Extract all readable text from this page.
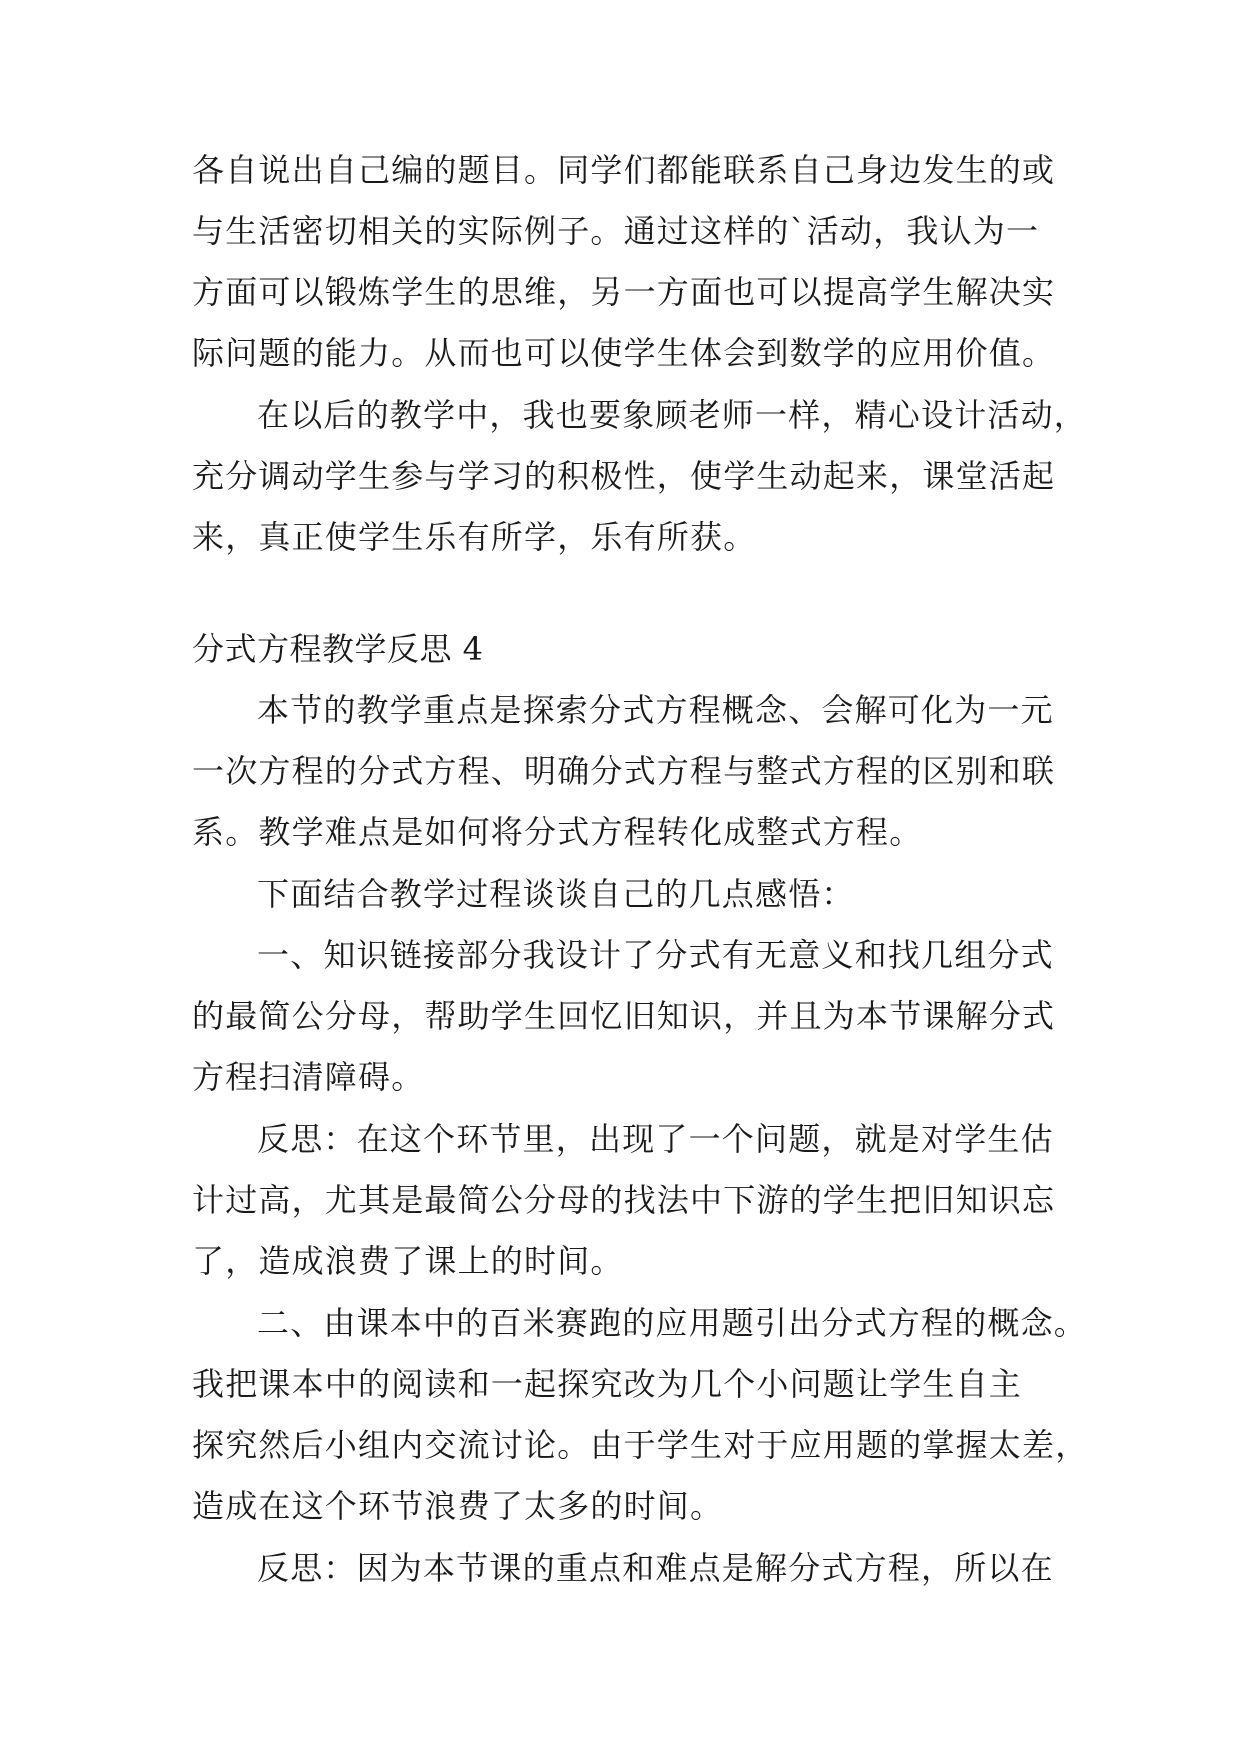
各自说出自己编的题目。同学们都能联系自己身边发生的或
与生活密切相关的实际例子。通过这样的`活动，我认为一
方面可以锻炼学生的思维，另一方面也可以提高学生解决实
际问题的能力。从而也可以使学生体会到数学的应用价值。
在以后的教学中，我也要象顾老师一样，精心设计活动，
充分调动学生参与学习的积极性，使学生动起来，课堂活起
来，真正使学生乐有所学，乐有所获。
分式方程教学反思 4
本节的教学重点是探索分式方程概念、会解可化为一元
一次方程的分式方程、明确分式方程与整式方程的区别和联
系。教学难点是如何将分式方程转化成整式方程。
下面结合教学过程谈谈自己的几点感悟：
一、知识链接部分我设计了分式有无意义和找几组分式
的最简公分母，帮助学生回忆旧知识，并且为本节课解分式
方程扫清障碍。
反思：在这个环节里，出现了一个问题，就是对学生估
计过高，尤其是最简公分母的找法中下游的学生把旧知识忘
了，造成浪费了课上的时间。
二、由课本中的百米赛跑的应用题引出分式方程的概念。
我把课本中的阅读和一起探究改为几个小问题让学生自主
探究然后小组内交流讨论。由于学生对于应用题的掌握太差，
造成在这个环节浪费了太多的时间。
反思：因为本节课的重点和难点是解分式方程，所以在
